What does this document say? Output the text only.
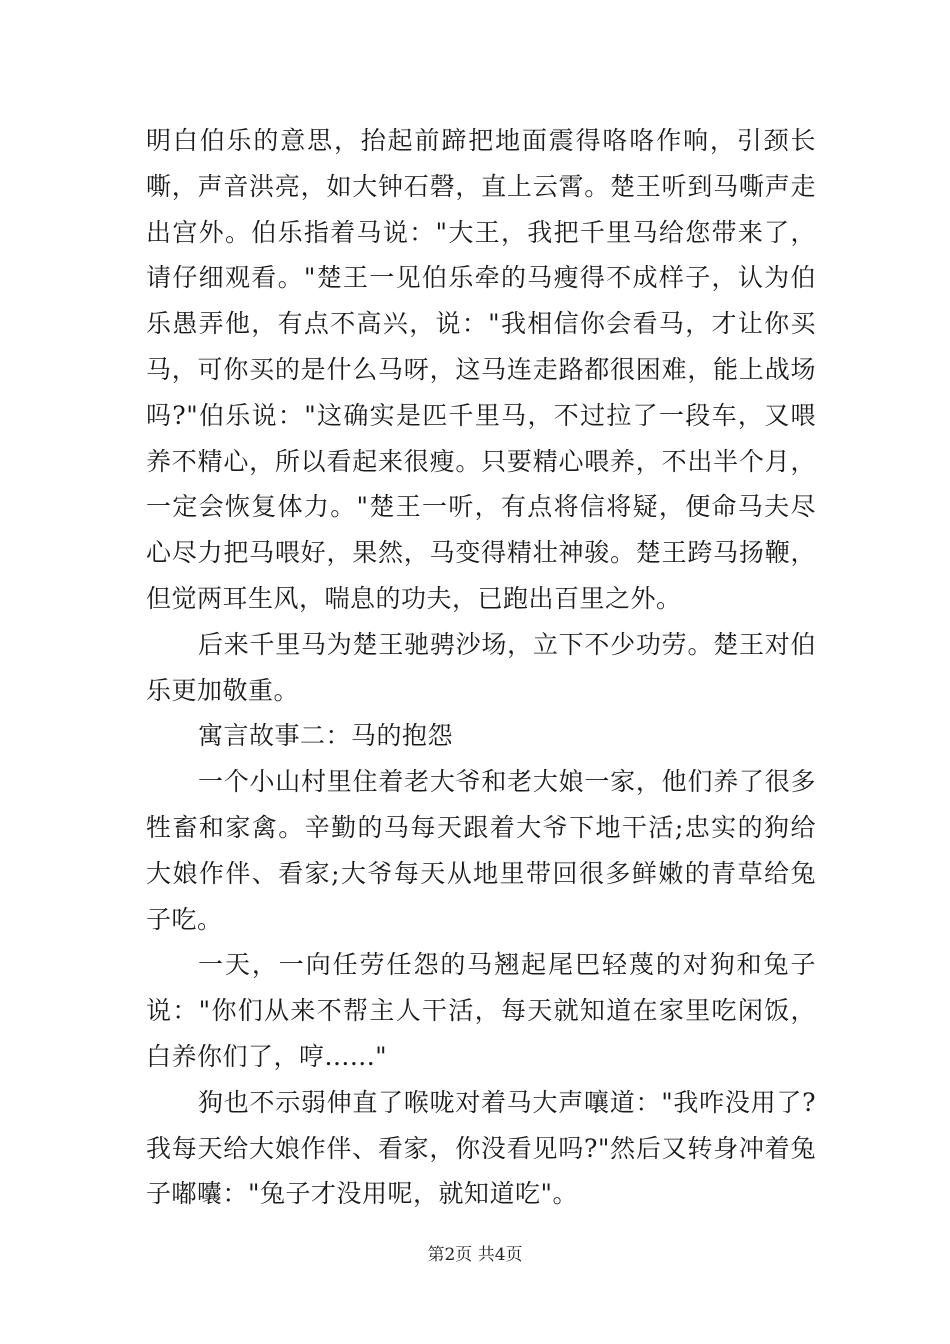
明白伯乐的意思，抬起前蹄把地面震得咯咯作响，引颈长嘶，声音洪亮，如大钟石磬，直上云霄。楚王听到马嘶声走出宫外。伯乐指着马说："大王，我把千里马给您带来了，请仔细观看。"楚王一见伯乐牵的马瘦得不成样子，认为伯乐愚弄他，有点不高兴，说："我相信你会看马，才让你买马，可你买的是什么马呀，这马连走路都很困难，能上战场吗?"伯乐说："这确实是匹千里马，不过拉了一段车，又喂养不精心，所以看起来很瘦。只要精心喂养，不出半个月，一定会恢复体力。"楚王一听，有点将信将疑，便命马夫尽心尽力把马喂好，果然，马变得精壮神骏。楚王跨马扬鞭，但觉两耳生风，喘息的功夫，已跑出百里之外。

后来千里马为楚王驰骋沙场，立下不少功劳。楚王对伯乐更加敬重。

寓言故事二：马的抱怨

一个小山村里住着老大爷和老大娘一家，他们养了很多牲畜和家禽。辛勤的马每天跟着大爷下地干活;忠实的狗给大娘作伴、看家;大爷每天从地里带回很多鲜嫩的青草给兔子吃。

一天，一向任劳任怨的马翘起尾巴轻蔑的对狗和兔子说："你们从来不帮主人干活，每天就知道在家里吃闲饭，白养你们了，哼......"

狗也不示弱伸直了喉咙对着马大声嚷道："我咋没用了?我每天给大娘作伴、看家，你没看见吗?"然后又转身冲着兔子嘟囔："兔子才没用呢，就知道吃"。

第2页 共4页
